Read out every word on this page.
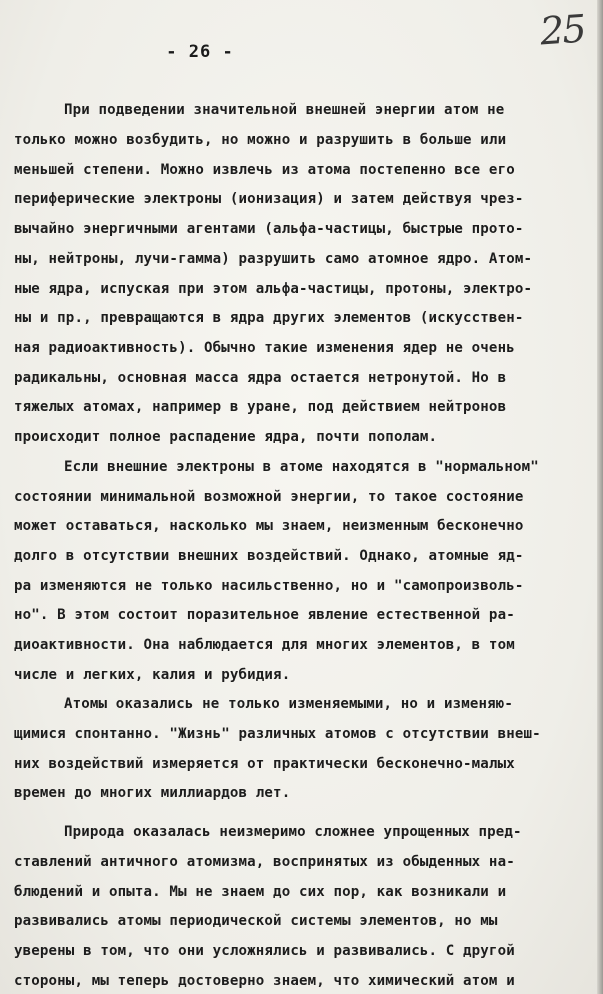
25
- 26 -
При подведении значительной внешней энергии атом не
только можно возбудить, но можно и разрушить в больше или
меньшей степени. Можно извлечь из атома постепенно все его
периферические электроны (ионизация) и затем действуя чрез-
вычайно энергичными агентами (альфа-частицы, быстрые прото-
ны, нейтроны, лучи-гамма) разрушить само атомное ядро. Атом-
ные ядра, испуская при этом альфа-частицы, протоны, электро-
ны и пр., превращаются в ядра других элементов (искусствен-
ная радиоактивность). Обычно такие изменения ядер не очень
радикальны, основная масса ядра остается нетронутой. Но в
тяжелых атомах, например в уране, под действием нейтронов
происходит полное распадение ядра, почти пополам.
Если внешние электроны в атоме находятся в "нормальном"
состоянии минимальной возможной энергии, то такое состояние
может оставаться, насколько мы знаем, неизменным бесконечно
долго в отсутствии внешних воздействий. Однако, атомные яд-
ра изменяются не только насильственно, но и "самопроизволь-
но". В этом состоит поразительное явление естественной ра-
диоактивности. Она наблюдается для многих элементов, в том
числе и легких, калия и рубидия.
Атомы оказались не только изменяемыми, но и изменяю-
щимися спонтанно. "Жизнь" различных атомов с отсутствии внеш-
них воздействий измеряется от практически бесконечно-малых
времен до многих миллиардов лет.
Природа оказалась неизмеримо сложнее упрощенных пред-
ставлений античного атомизма, воспринятых из обыденных на-
блюдений и опыта. Мы не знаем до сих пор, как возникали и
развивались атомы периодической системы элементов, но мы
уверены в том, что они усложнялись и развивались. С другой
стороны, мы теперь достоверно знаем, что химический атом и
